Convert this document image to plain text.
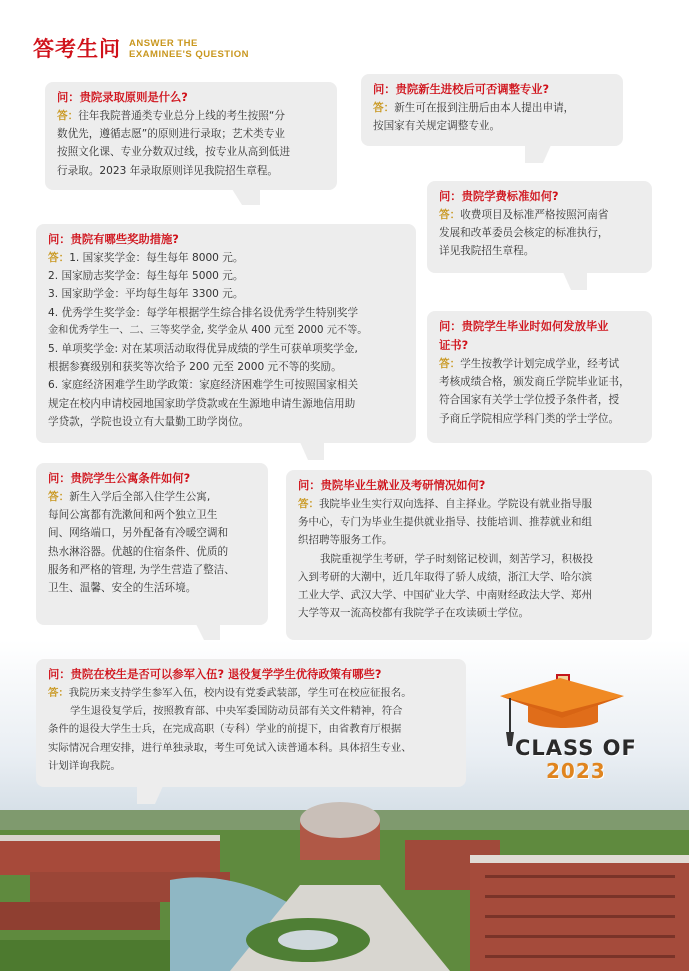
答考生问 ANSWER THE
EXAMINEE'S QUESTION
问：贵院录取原则是什么?
答：往年我院普通类专业总分上线的考生按照“分
数优先，遵循志愿”的原则进行录取；艺术类专业
按照文化课、专业分数双过线，按专业从高到低进
行录取。2023 年录取原则详见我院招生章程。
问：贵院新生进校后可否调整专业?
答：新生可在报到注册后由本人提出申请，
按国家有关规定调整专业。
问：贵院学费标准如何?
答：收费项目及标准严格按照河南省
发展和改革委员会核定的标准执行，
详见我院招生章程。
问：贵院有哪些奖助措施?
答：1. 国家奖学金：每生每年 8000 元。
2. 国家励志奖学金：每生每年 5000 元。
3. 国家助学金：平均每生每年 3300 元。
4. 优秀学生奖学金：每学年根据学生综合排名设优秀学生特别奖学
金和优秀学生一、二、三等奖学金, 奖学金从 400 元至 2000 元不等。
5. 单项奖学金: 对在某项活动取得优异成绩的学生可获单项奖学金,
根据参赛级别和获奖等次给予 200 元至 2000 元不等的奖励。
6. 家庭经济困难学生助学政策：家庭经济困难学生可按照国家相关
规定在校内申请校园地国家助学贷款或在生源地申请生源地信用助
学贷款，学院也设立有大量勤工助学岗位。
问：贵院学生毕业时如何发放毕业
证书?
答：学生按教学计划完成学业，经考试
考核成绩合格，颁发商丘学院毕业证书，
符合国家有关学士学位授予条件者，授
予商丘学院相应学科门类的学士学位。
问：贵院学生公寓条件如何?
答：新生入学后全部入住学生公寓,
每间公寓都有洗漱间和两个独立卫生
间、网络端口，另外配备有冷暖空调和
热水淋浴器。优越的住宿条件、优质的
服务和严格的管理, 为学生营造了整洁、
卫生、温馨、安全的生活环境。
问：贵院毕业生就业及考研情况如何?
答：我院毕业生实行双向选择、自主择业。学院设有就业指导服
务中心，专门为毕业生提供就业指导、技能培训、推荐就业和组
织招聘等服务工作。
我院重视学生考研，学子时刻铭记校训，刻苦学习，积极投
入到考研的大潮中，近几年取得了骄人成绩，浙江大学、哈尔滨
工业大学、武汉大学、中国矿业大学、中南财经政法大学、郑州
大学等双一流高校都有我院学子在攻读硕士学位。
问：贵院在校生是否可以参军入伍? 退役复学学生优待政策有哪些?
答：我院历来支持学生参军入伍，校内设有党委武装部，学生可在校应征报名。
学生退役复学后，按照教育部、中央军委国防动员部有关文件精神，符合
条件的退役大学生士兵，在完成高职（专科）学业的前提下，由省教育厅根据
实际情况合理安排，进行单独录取，考生可免试入读普通本科。具体招生专业、
计划详询我院。
CLASS OF
2023
